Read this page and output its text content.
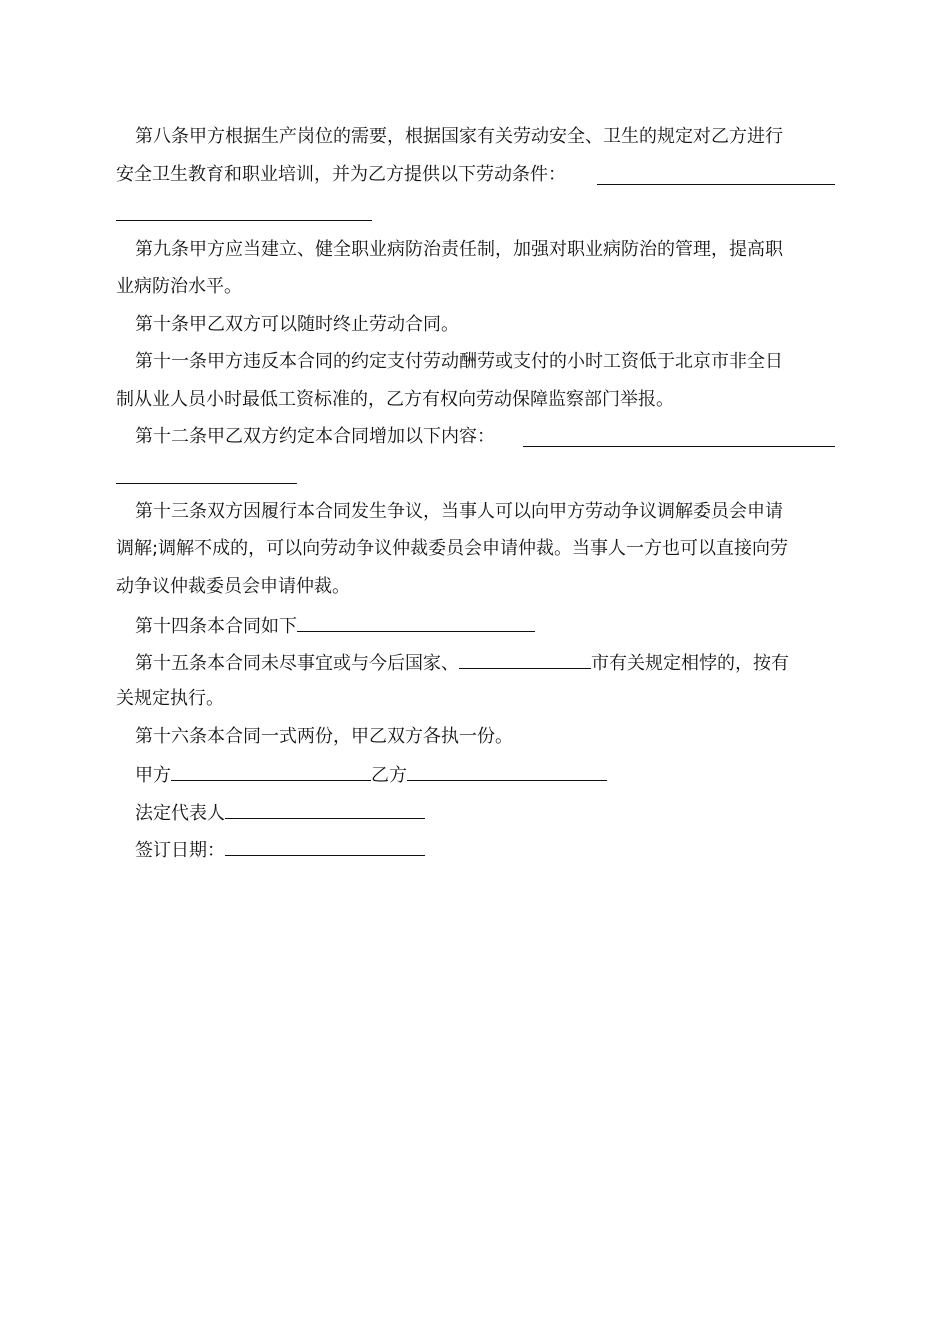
第八条甲方根据生产岗位的需要，根据国家有关劳动安全、卫生的规定对乙方进行
安全卫生教育和职业培训，并为乙方提供以下劳动条件：
第九条甲方应当建立、健全职业病防治责任制，加强对职业病防治的管理，提高职
业病防治水平。
第十条甲乙双方可以随时终止劳动合同。
第十一条甲方违反本合同的约定支付劳动酬劳或支付的小时工资低于北京市非全日
制从业人员小时最低工资标准的，乙方有权向劳动保障监察部门举报。
第十二条甲乙双方约定本合同增加以下内容：
第十三条双方因履行本合同发生争议，当事人可以向甲方劳动争议调解委员会申请
调解;调解不成的，可以向劳动争议仲裁委员会申请仲裁。当事人一方也可以直接向劳
动争议仲裁委员会申请仲裁。
第十四条本合同如下
第十五条本合同未尽事宜或与今后国家、	市有关规定相悖的，按有
关规定执行。
第十六条本合同一式两份，甲乙双方各执一份。
甲方	乙方
法定代表人
签订日期：
